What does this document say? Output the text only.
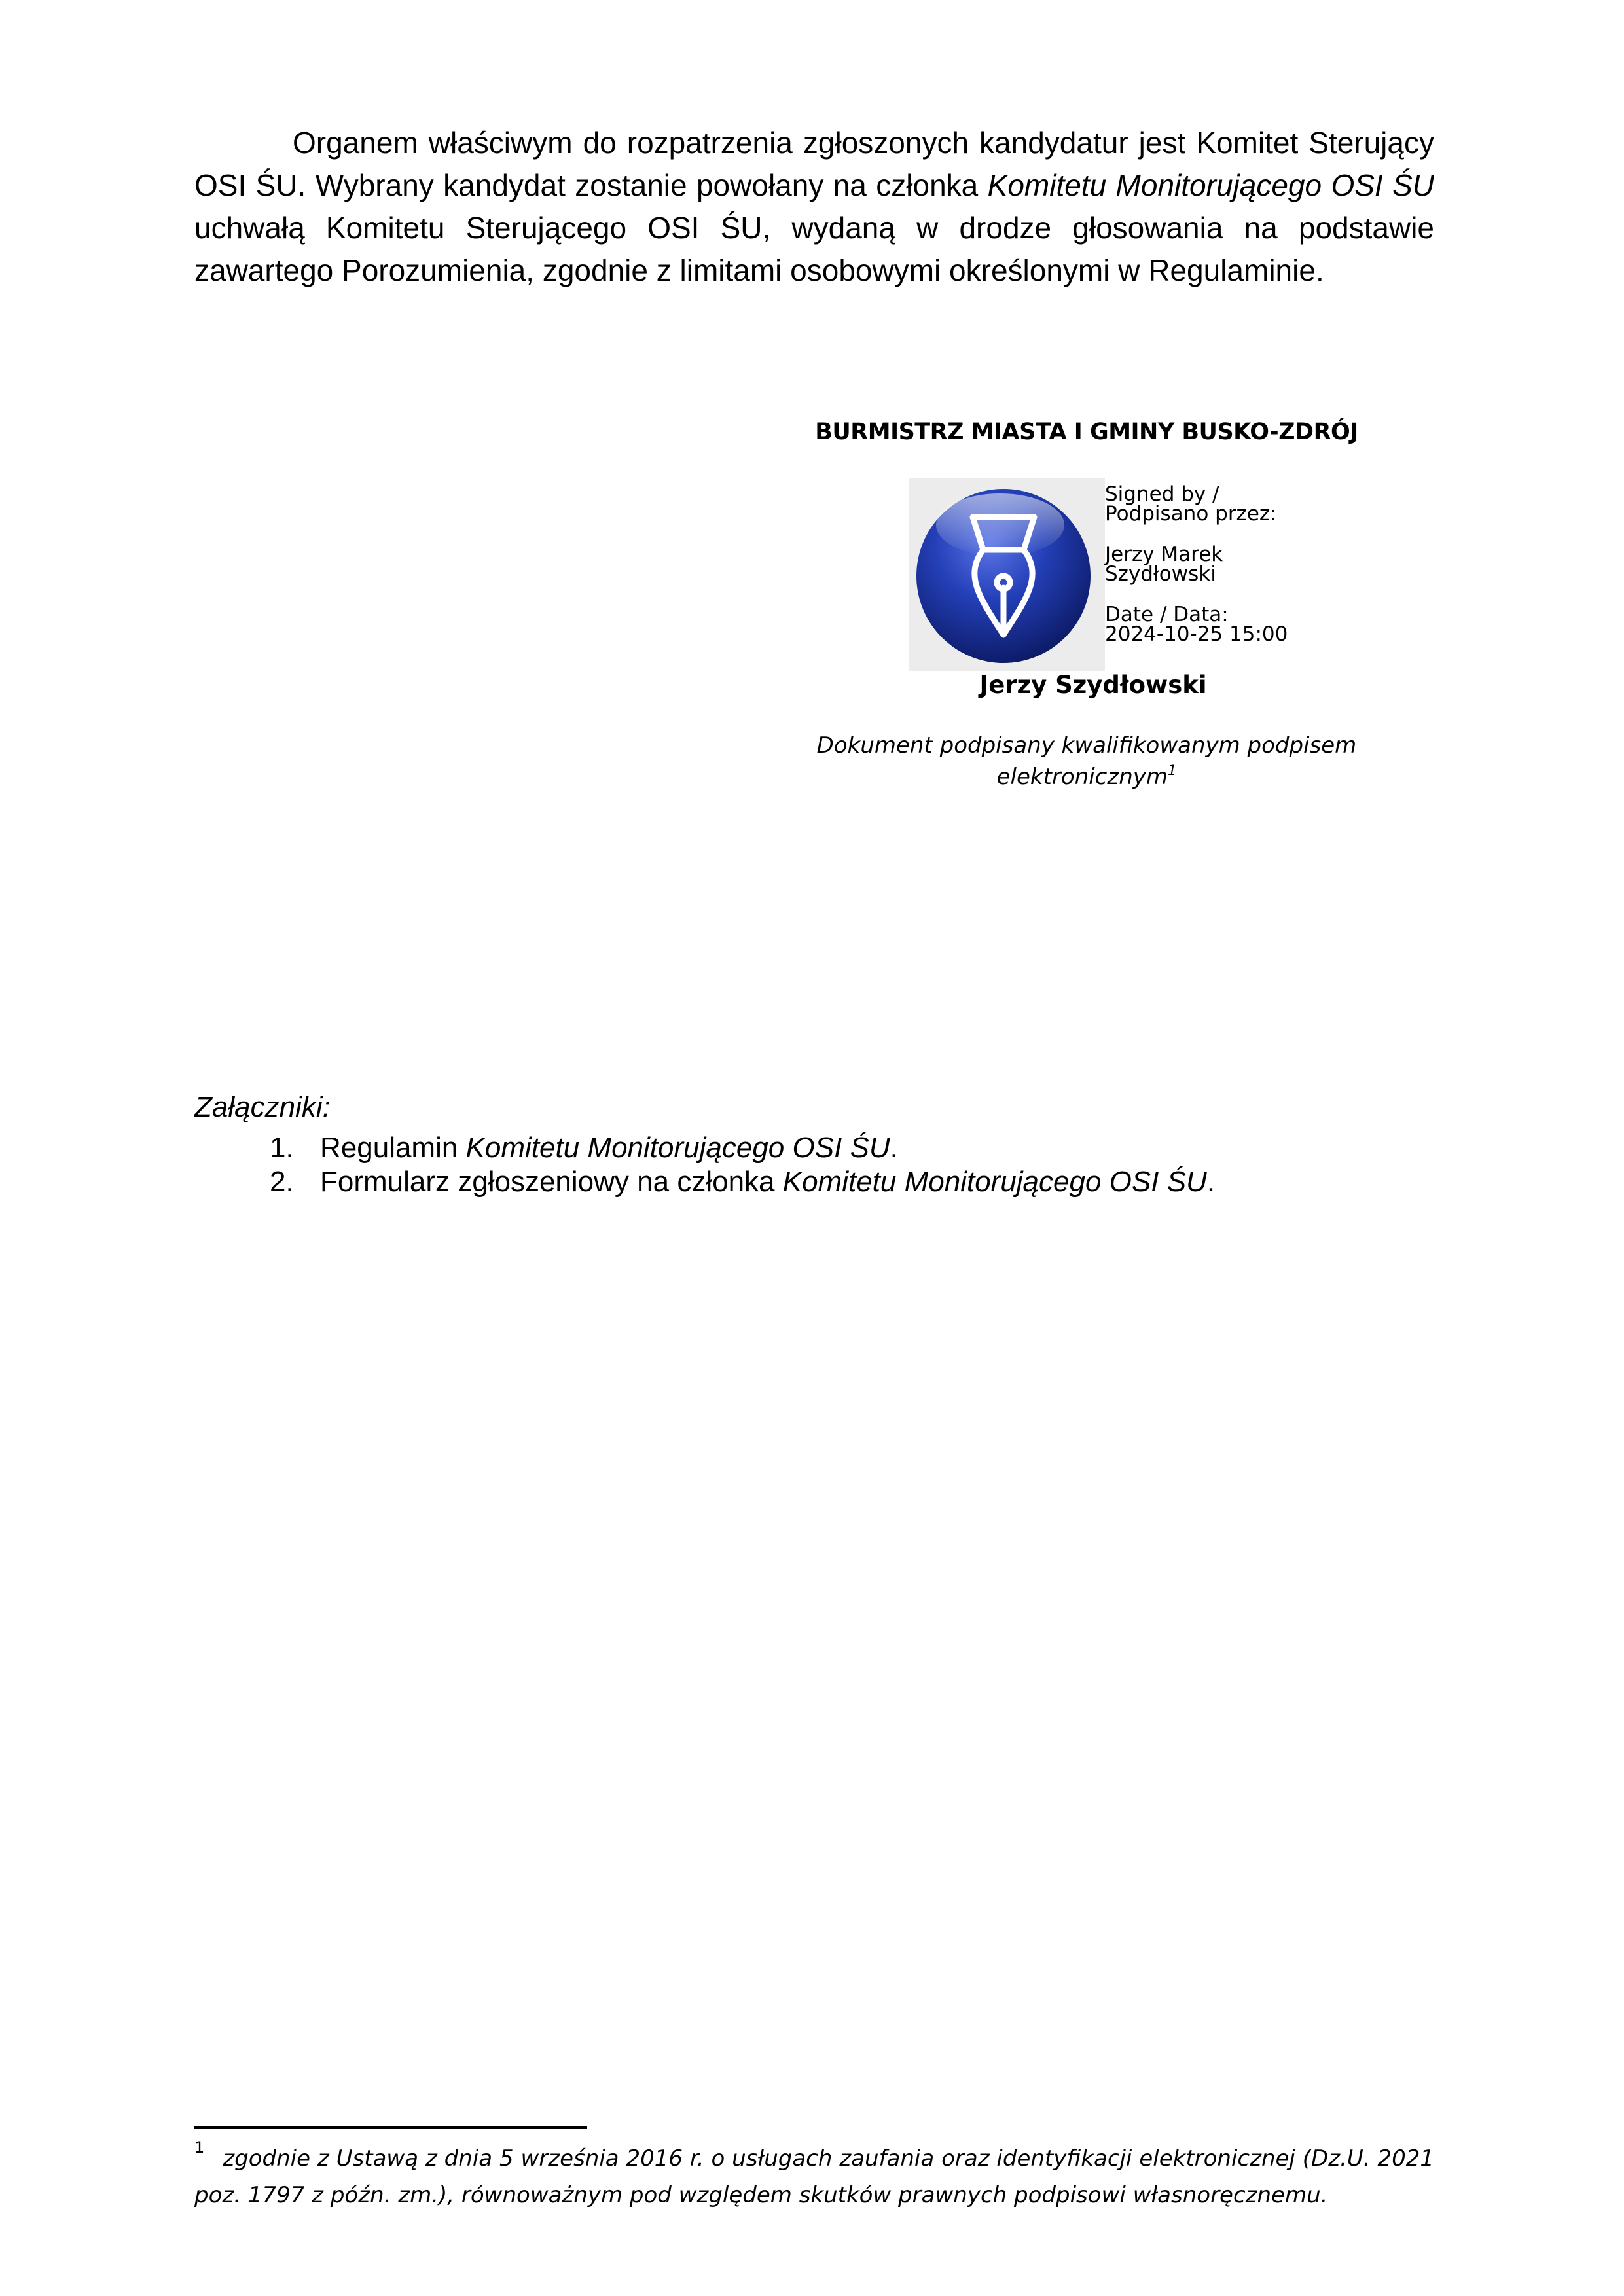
Organem właściwym do rozpatrzenia zgłoszonych kandydatur jest Komitet Sterujący OSI ŚU. Wybrany kandydat zostanie powołany na członka Komitetu Monitorującego OSI ŚU uchwałą Komitetu Sterującego OSI ŚU, wydaną w drodze głosowania na podstawie zawartego Porozumienia, zgodnie z limitami osobowymi określonymi w Regulaminie.

BURMISTRZ MIASTA I GMINY BUSKO-ZDRÓJ

Signed by /
Podpisano przez:
Jerzy Marek
Szydłowski
Date / Data:
2024-10-25 15:00

Jerzy Szydłowski

Dokument podpisany kwalifikowanym podpisem elektronicznym$^1$

Załączniki:

1. Regulamin Komitetu Monitorującego OSI ŚU.
2. Formularz zgłoszeniowy na członka Komitetu Monitorującego OSI ŚU.

$^1$ zgodnie z Ustawą z dnia 5 września 2016 r. o usługach zaufania oraz identyfikacji elektronicznej (Dz.U. 2021 poz. 1797 z późn. zm.), równoważnym pod względem skutków prawnych podpisowi własnoręcznemu.
